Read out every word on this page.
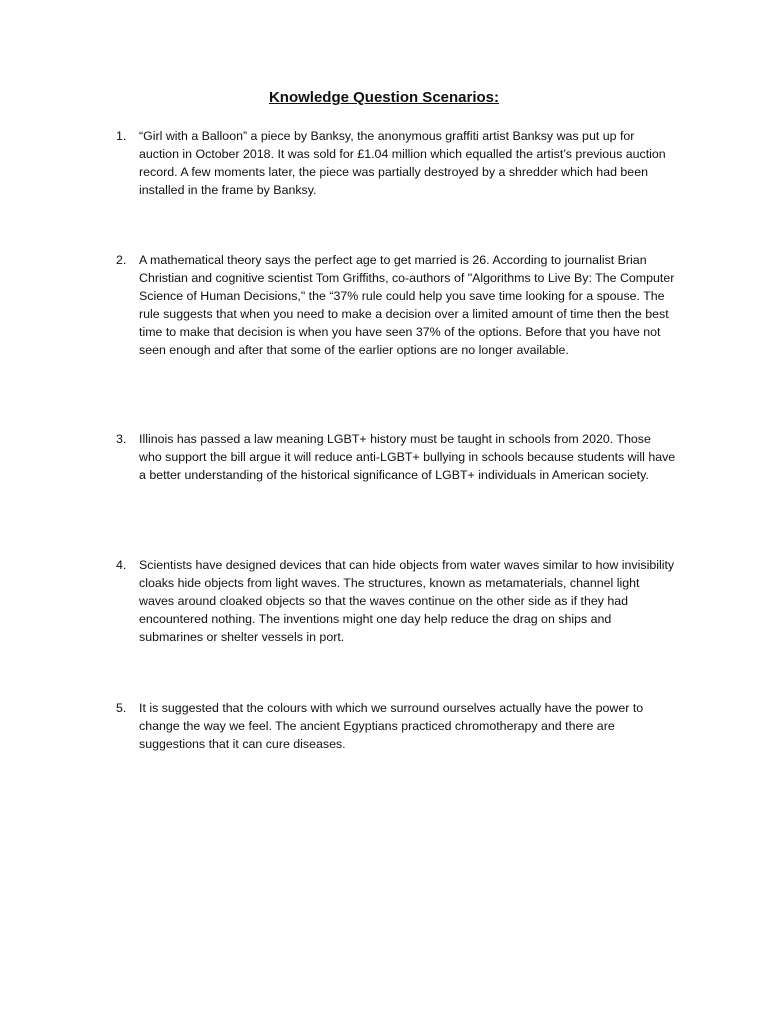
Knowledge Question Scenarios:
1.	“Girl with a Balloon” a piece by Banksy, the anonymous graffiti artist Banksy was put up for auction in October 2018. It was sold for £1.04 million which equalled the artist’s previous auction record. A few moments later, the piece was partially destroyed by a shredder which had been installed in the frame by Banksy.
2.	A mathematical theory says the perfect age to get married is 26. According to journalist Brian Christian and cognitive scientist Tom Griffiths, co-authors of "Algorithms to Live By: The Computer Science of Human Decisions," the “37% rule could help you save time looking for a spouse. The rule suggests that when you need to make a decision over a limited amount of time then the best time to make that decision is when you have seen 37% of the options. Before that you have not seen enough and after that some of the earlier options are no longer available.
3.	Illinois has passed a law meaning LGBT+ history must be taught in schools from 2020. Those who support the bill argue it will reduce anti-LGBT+ bullying in schools because students will have a better understanding of the historical significance of LGBT+ individuals in American society.
4.	Scientists have designed devices that can hide objects from water waves similar to how invisibility cloaks hide objects from light waves. The structures, known as metamaterials, channel light waves around cloaked objects so that the waves continue on the other side as if they had encountered nothing. The inventions might one day help reduce the drag on ships and submarines or shelter vessels in port.
5.	It is suggested that the colours with which we surround ourselves actually have the power to change the way we feel. The ancient Egyptians practiced chromotherapy and there are suggestions that it can cure diseases.
